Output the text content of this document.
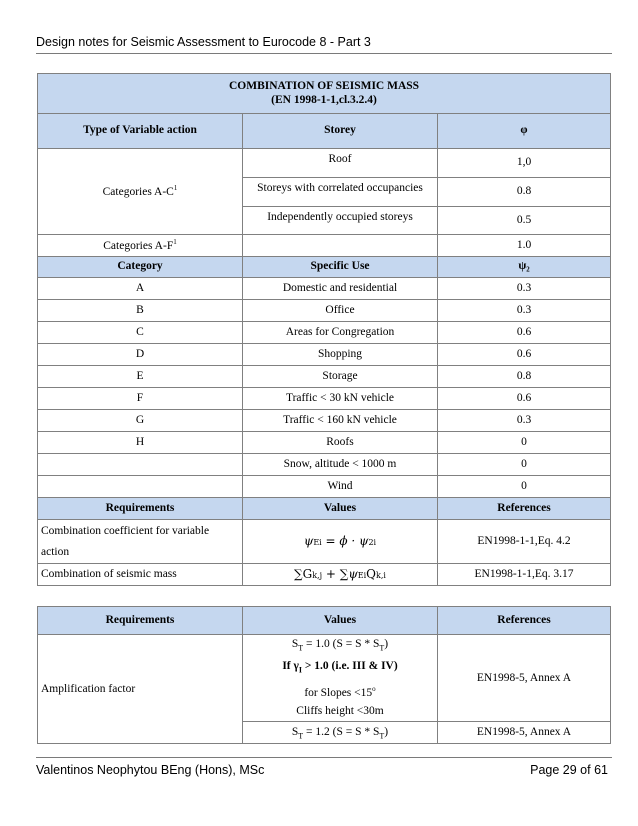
Design notes for Seismic Assessment to Eurocode 8 - Part 3
COMBINATION OF SEISMIC MASS
(EN 1998-1-1,cl.3.2.4)		

Type of Variable action	Storey	φ
Categories $A-C^1$	Roof	1,0
	Storeys with correlated occupancies	0.8
	Independently occupied storeys	0.5
Categories $A-F^1$		1.0
Category	Specific Use	ψ₂
A	Domestic and residential	0.3
B	Office	0.3
C	Areas for Congregation	0.6
D	Shopping	0.6
E	Storage	0.8
F	Traffic < 30 kN vehicle	0.6
G	Traffic < 160 kN vehicle	0.3
H	Roofs	0
	Snow, altitude < 1000 m	0
	Wind	0
Requirements	Values	References
Combination coefficient for variable action	ψEi = ϕ · ψ2i	EN1998-1-1,Eq. 4.2
Combination of seismic mass	∑Gk,j + ∑ψEiQk,i	EN1998-1-1,Eq. 3.17
Requirements	Values	References
Amplification factor	$S_T = 1.0$ $(S = S * S_T)$
If $\gamma_I > 1.0$ (i.e. III & IV)
for Slopes $<15^o$
Cliffs height <30m	EN1998-5, Annex A
	$S_T = 1.2$ $(S = S * S_T)$	EN1998-5, Annex A
Valentinos Neophytou BEng (Hons), MSc	Page 29 of 61
